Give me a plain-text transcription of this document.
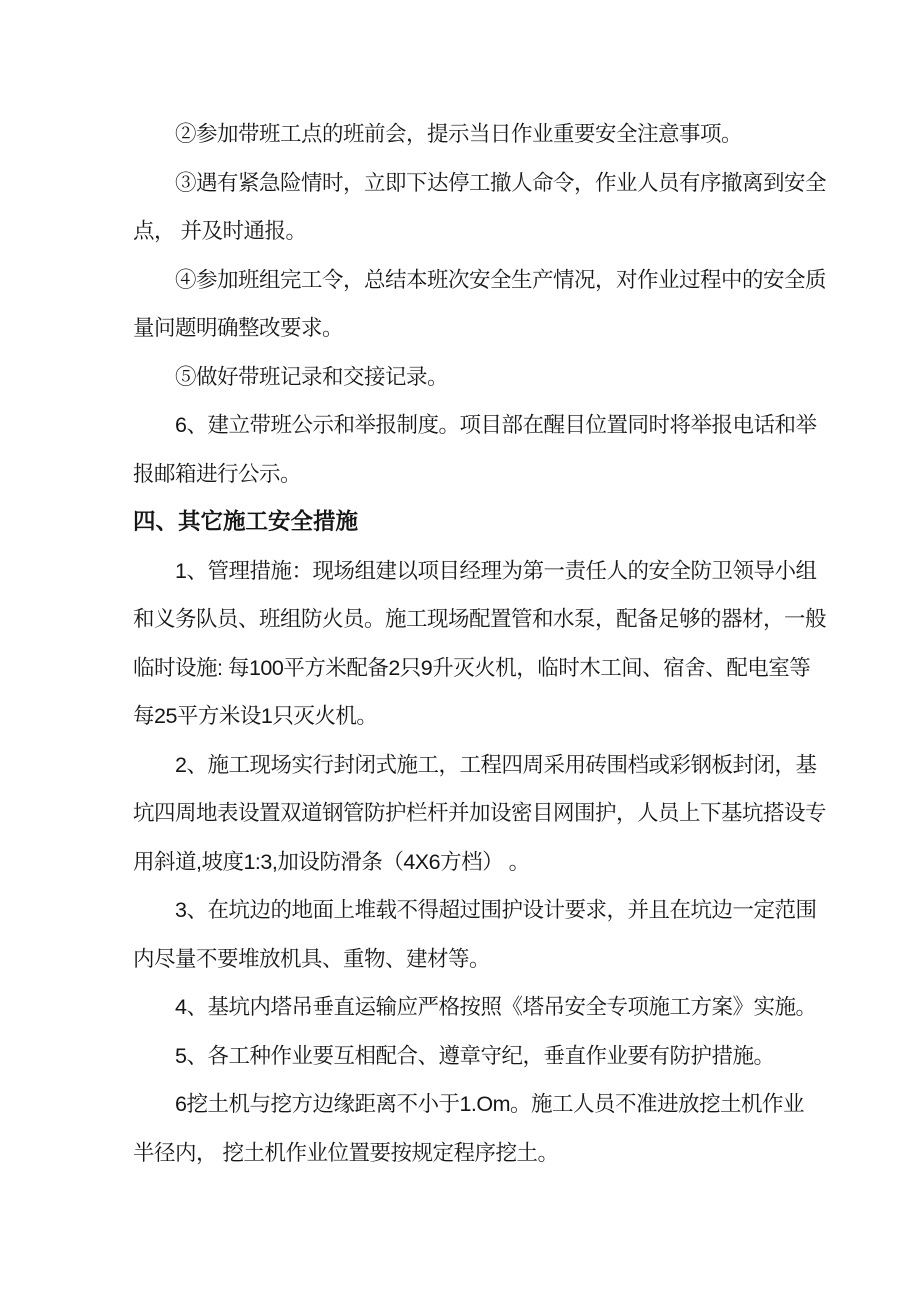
②参加带班工点的班前会，提示当日作业重要安全注意事项。
③遇有紧急险情时，立即下达停工撤人命令，作业人员有序撤离到安全
点， 并及时通报。
④参加班组完工令，总结本班次安全生产情况，对作业过程中的安全质
量问题明确整改要求。
⑤做好带班记录和交接记录。
6、建立带班公示和举报制度。项目部在醒目位置同时将举报电话和举
报邮箱进行公示。
四、其它施工安全措施
1、管理措施：现场组建以项目经理为第一责任人的安全防卫领导小组
和义务队员、班组防火员。施工现场配置管和水泵，配备足够的器材，一般
临时设施: 每100平方米配备2只9升灭火机，临时木工间、宿舍、配电室等
每25平方米设1只灭火机。
2、施工现场实行封闭式施工，工程四周采用砖围档或彩钢板封闭，基
坑四周地表设置双道钢管防护栏杆并加设密目网围护，人员上下基坑搭设专
用斜道,坡度1:3,加设防滑条（4X6方档） 。
3、在坑边的地面上堆载不得超过围护设计要求，并且在坑边一定范围
内尽量不要堆放机具、重物、建材等。
4、基坑内塔吊垂直运输应严格按照《塔吊安全专项施工方案》实施。
5、各工种作业要互相配合、遵章守纪，垂直作业要有防护措施。
6挖土机与挖方边缘距离不小于1.Om。施工人员不准进放挖土机作业
半径内， 挖土机作业位置要按规定程序挖土。
